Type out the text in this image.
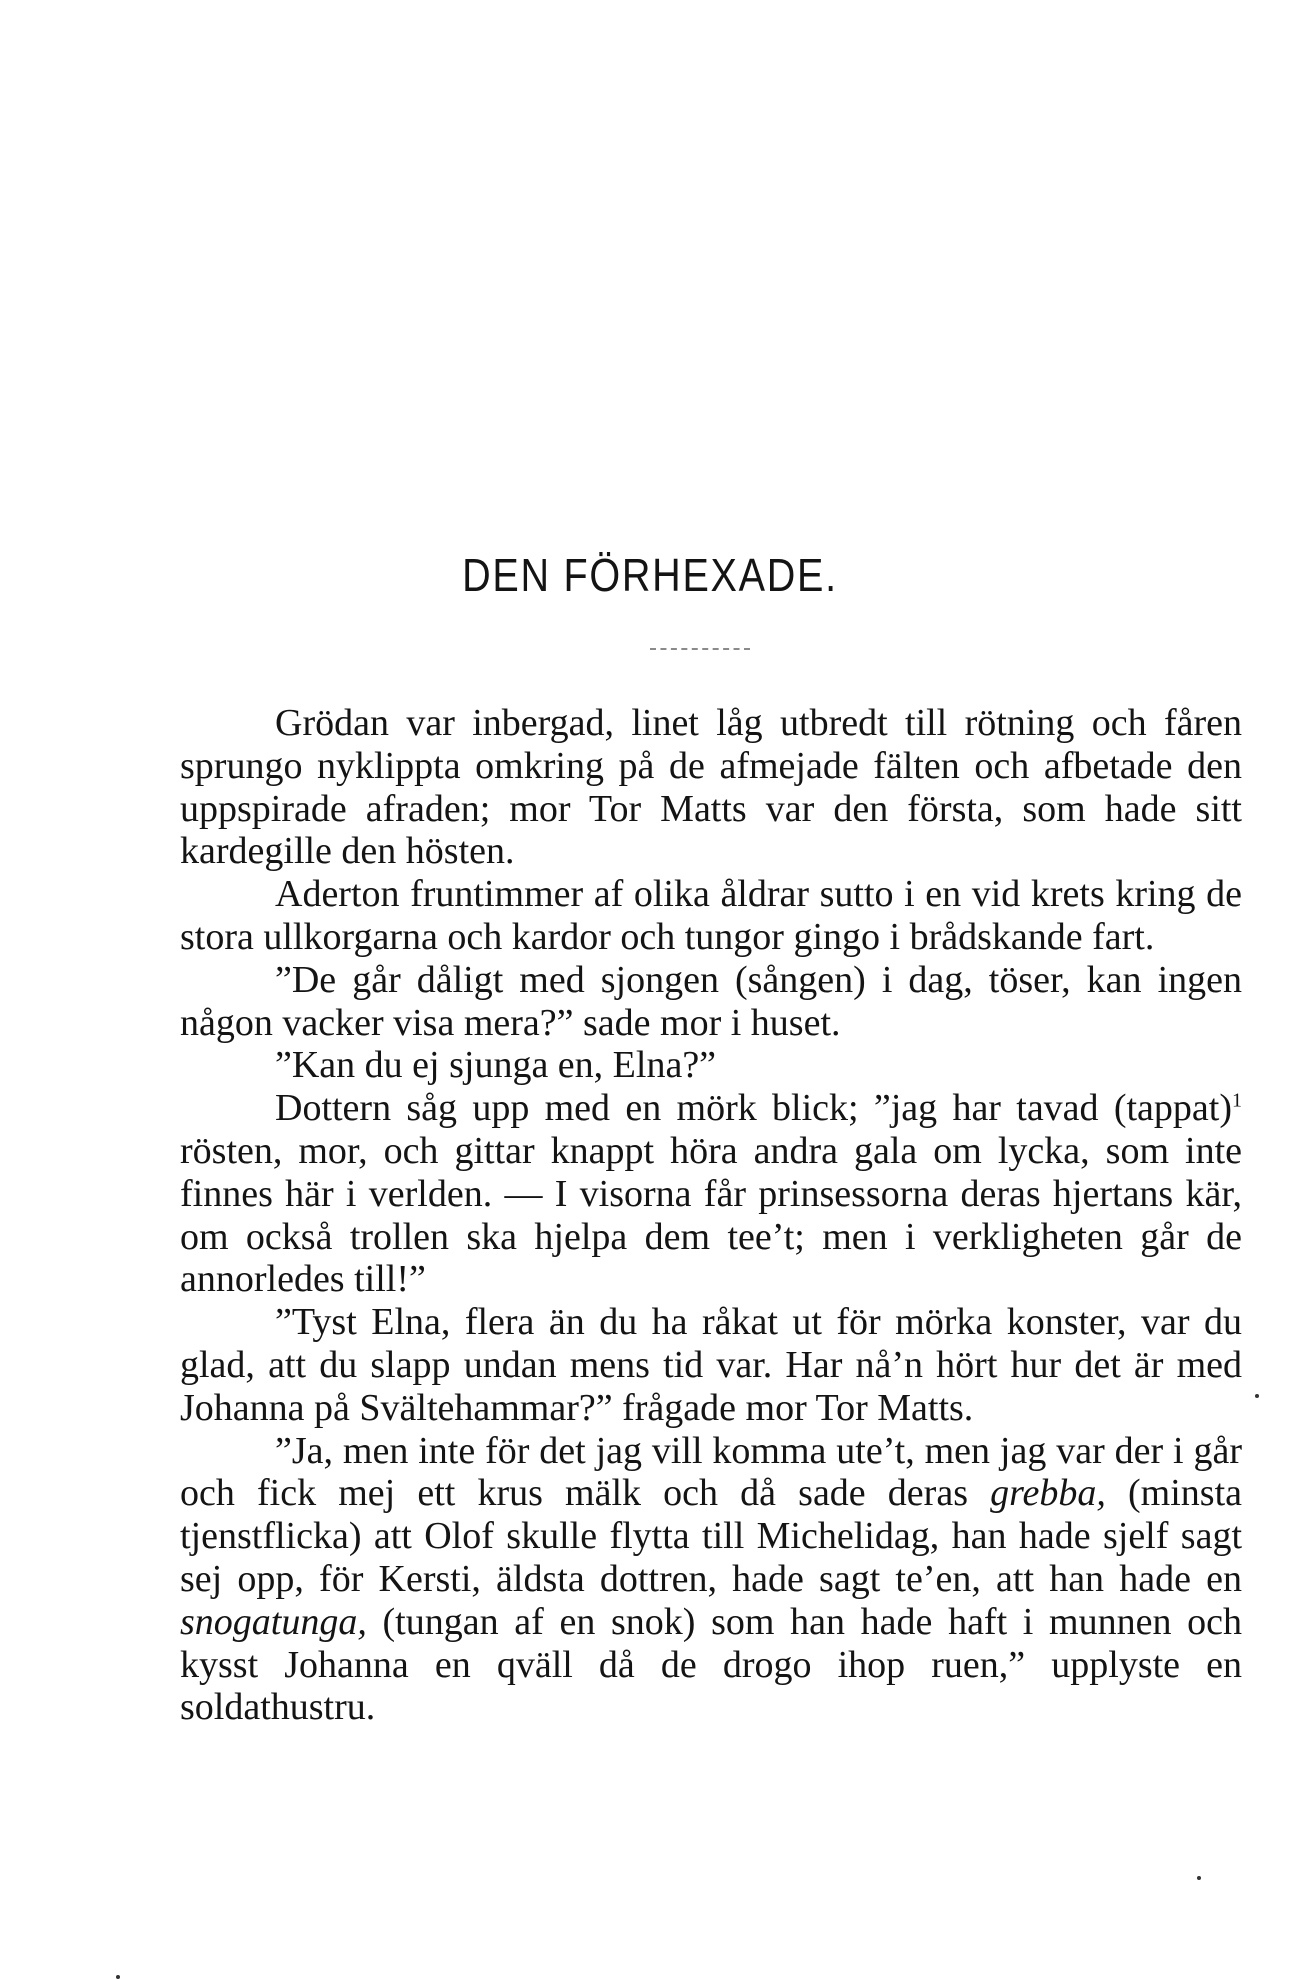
DEN FÖRHEXADE.

Grödan var inbergad, linet låg utbredt till rötning och fåren sprungo nyklippta omkring på de afmejade fälten och afbetade den uppspirade afraden; mor Tor Matts var den första, som hade sitt kardegille den hösten.

Aderton fruntimmer af olika åldrar sutto i en vid krets kring de stora ullkorgarna och kardor och tungor gingo i brådskande fart.

”De går dåligt med sjongen (sången) i dag, töser, kan ingen någon vacker visa mera?” sade mor i huset.

”Kan du ej sjunga en, Elna?”

Dottern såg upp med en mörk blick; ”jag har tavad (tappat)$^1$ rösten, mor, och gittar knappt höra andra gala om lycka, som inte finnes här i verlden. — I visorna får prinsessorna deras hjertans kär, om också trollen ska hjelpa dem tee’t; men i verkligheten går de annorledes till!”

”Tyst Elna, flera än du ha råkat ut för mörka konster, var du glad, att du slapp undan mens tid var. Har nå’n hört hur det är med Johanna på Svältehammar?” frågade mor Tor Matts.

”Ja, men inte för det jag vill komma ute’t, men jag var der i går och fick mej ett krus mälk och då sade deras grebba, (minsta tjenstflicka) att Olof skulle flytta till Michelidag, han hade sjelf sagt sej opp, för Kersti, äldsta dottren, hade sagt te’en, att han hade en snogatunga, (tungan af en snok) som han hade haft i munnen och kysst Johanna en qväll då de drogo ihop ruen,” upplyste en soldathustru.
